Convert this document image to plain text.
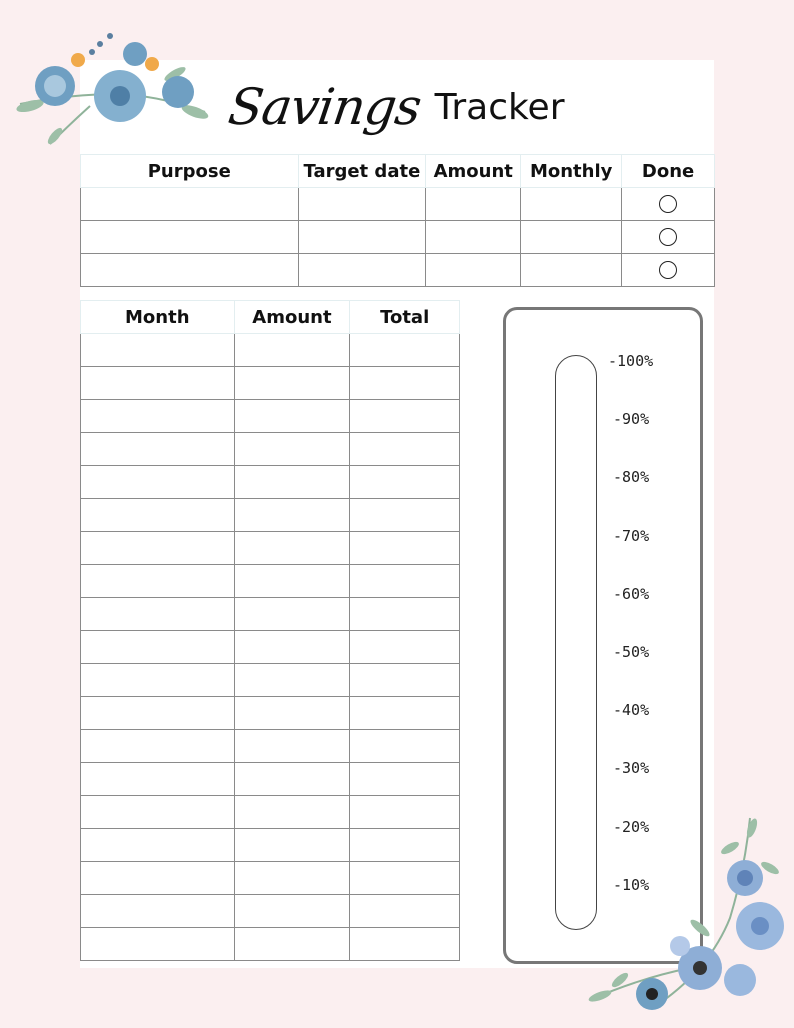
Savings Tracker
Purpose	Target date	Amount	Monthly	Done

Month	Amount	Total

-100%
-90%
-80%
-70%
-60%
-50%
-40%
-30%
-20%
-10%
